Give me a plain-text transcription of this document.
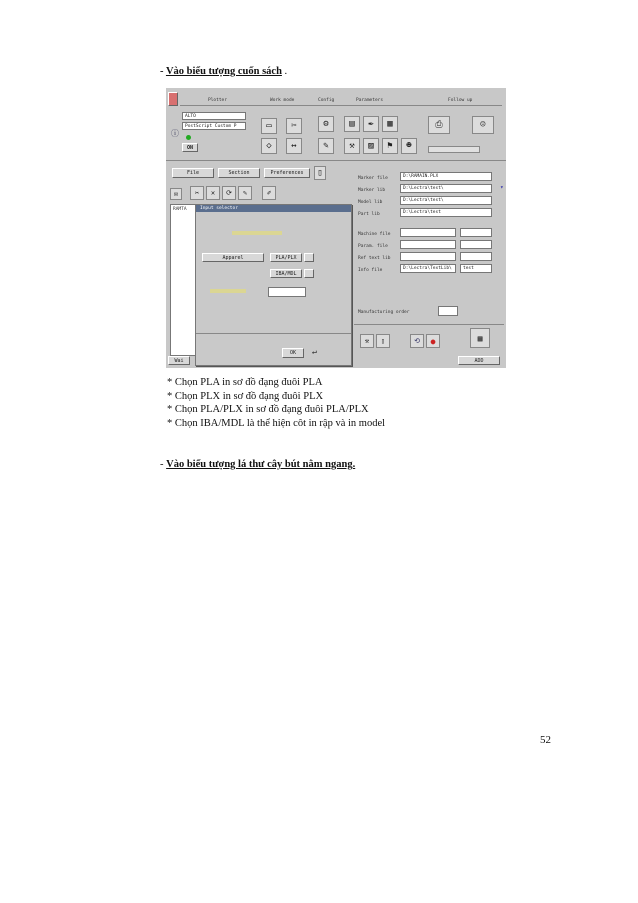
- Vào biểu tượng cuốn sách .
Plotter	Work mode	Config	Parameters	Follow up
ALTO
PostScript Custom P
ⓘ
ON
▭	✂
◇	↔
⚙
✎
▤	✒	▦
⚒	▨	⚑	☻
⎙	☺
File	Section	Preferences	▯
✉	✂	✕	⟳	✎	✐
RAMTA
Marker file	D:\RAMAIN.PLX
Marker lib	D:\Lectra\test\
Model lib	D:\Lectra\test\
Part lib	D:\Lectra\test
Machine file
Param. file
Ref text lib
Info file	D:\Lectra\TextLib\	test
Manufacturing order
⚒	▯	⟲	●	▦
▾
Input selector
Apparel	PLA/PLX
IBA/MDL
OK	↵
Wai	ADD
* Chọn PLA in sơ đồ đạng đuôi PLA
* Chọn PLX in sơ đồ đạng đuôi PLX
* Chọn PLA/PLX in sơ đồ đạng đuôi PLA/PLX
* Chọn IBA/MDL là thể hiện côt in rập và in model
- Vào biểu tượng lá thư cây bút nằm ngang.
52
